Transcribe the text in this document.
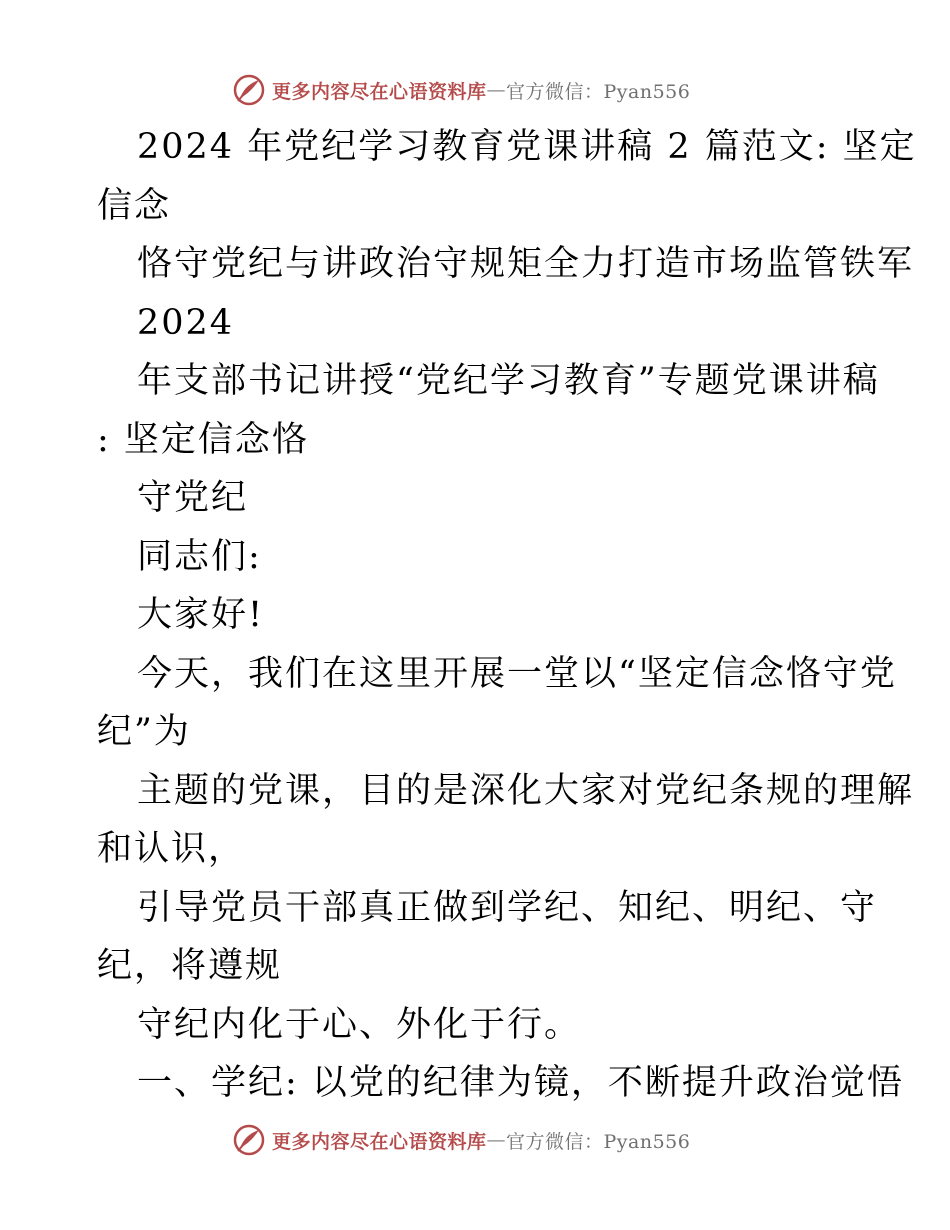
更多内容尽在心语资料库 — 官方微信：Pyan556
2024 年党纪学习教育党课讲稿 2 篇范文: 坚定
信念
恪守党纪与讲政治守规矩全力打造市场监管铁军
2024
年支部书记讲授“党纪学习教育”专题党课讲稿
: 坚定信念恪
守党纪
同志们:
大家好!
今天，我们在这里开展一堂以“坚定信念恪守党
纪”为
主题的党课，目的是深化大家对党纪条规的理解
和认识，
引导党员干部真正做到学纪、知纪、明纪、守
纪，将遵规
守纪内化于心、外化于行。
一、学纪: 以党的纪律为镜，不断提升政治觉悟
更多内容尽在心语资料库 — 官方微信：Pyan556
